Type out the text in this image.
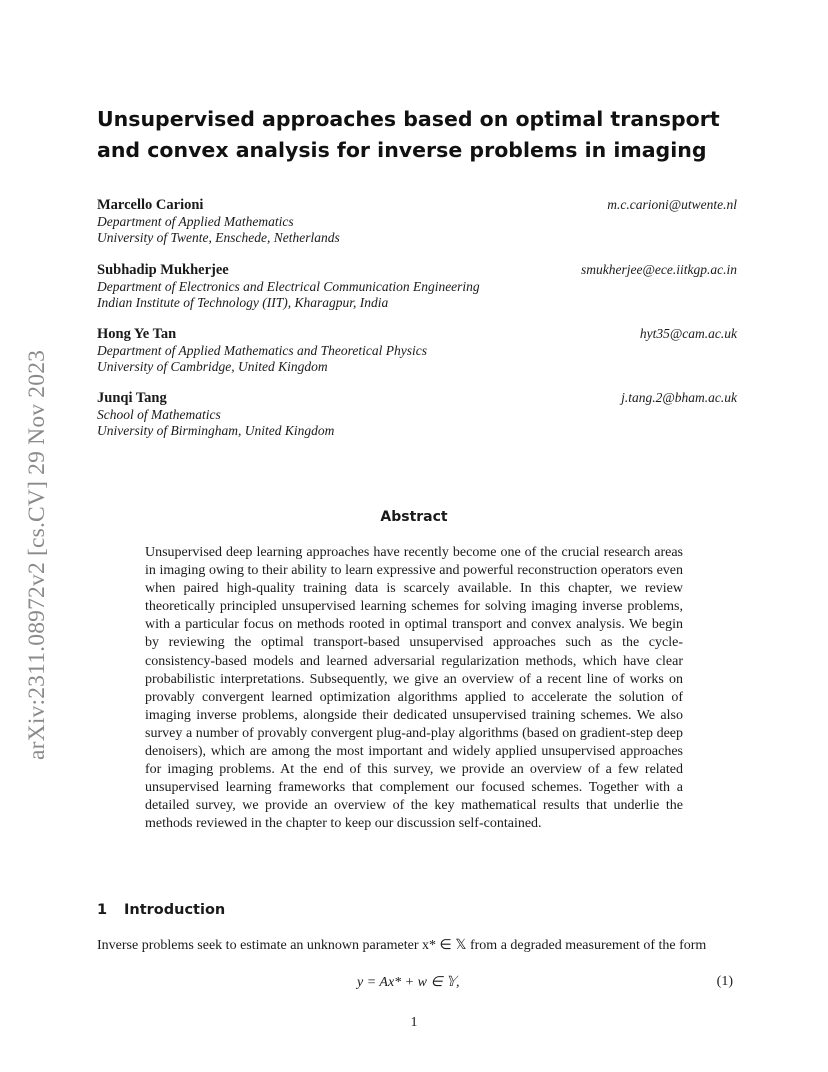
arXiv:2311.08972v2 [cs.CV] 29 Nov 2023
Unsupervised approaches based on optimal transport and convex analysis for inverse problems in imaging
Marcello Carioni	m.c.carioni@utwente.nl
Department of Applied Mathematics
University of Twente, Enschede, Netherlands
Subhadip Mukherjee	smukherjee@ece.iitkgp.ac.in
Department of Electronics and Electrical Communication Engineering
Indian Institute of Technology (IIT), Kharagpur, India
Hong Ye Tan	hyt35@cam.ac.uk
Department of Applied Mathematics and Theoretical Physics
University of Cambridge, United Kingdom
Junqi Tang	j.tang.2@bham.ac.uk
School of Mathematics
University of Birmingham, United Kingdom
Abstract
Unsupervised deep learning approaches have recently become one of the crucial research areas in imaging owing to their ability to learn expressive and powerful reconstruction operators even when paired high-quality training data is scarcely available. In this chapter, we review theoretically principled unsupervised learning schemes for solving imaging inverse problems, with a particular focus on methods rooted in optimal transport and convex analysis. We begin by reviewing the optimal transport-based unsupervised approaches such as the cycle-consistency-based models and learned adversarial regularization methods, which have clear probabilistic interpretations. Subsequently, we give an overview of a recent line of works on provably convergent learned optimization algorithms applied to accelerate the solution of imaging inverse problems, alongside their dedicated unsupervised training schemes. We also survey a number of provably convergent plug-and-play algorithms (based on gradient-step deep denoisers), which are among the most important and widely applied unsupervised approaches for imaging problems. At the end of this survey, we provide an overview of a few related unsupervised learning frameworks that complement our focused schemes. Together with a detailed survey, we provide an overview of the key mathematical results that underlie the methods reviewed in the chapter to keep our discussion self-contained.
1 Introduction
Inverse problems seek to estimate an unknown parameter x* ∈ 𝕏 from a degraded measurement of the form
y = Ax* + w ∈ 𝕐,	(1)
1
